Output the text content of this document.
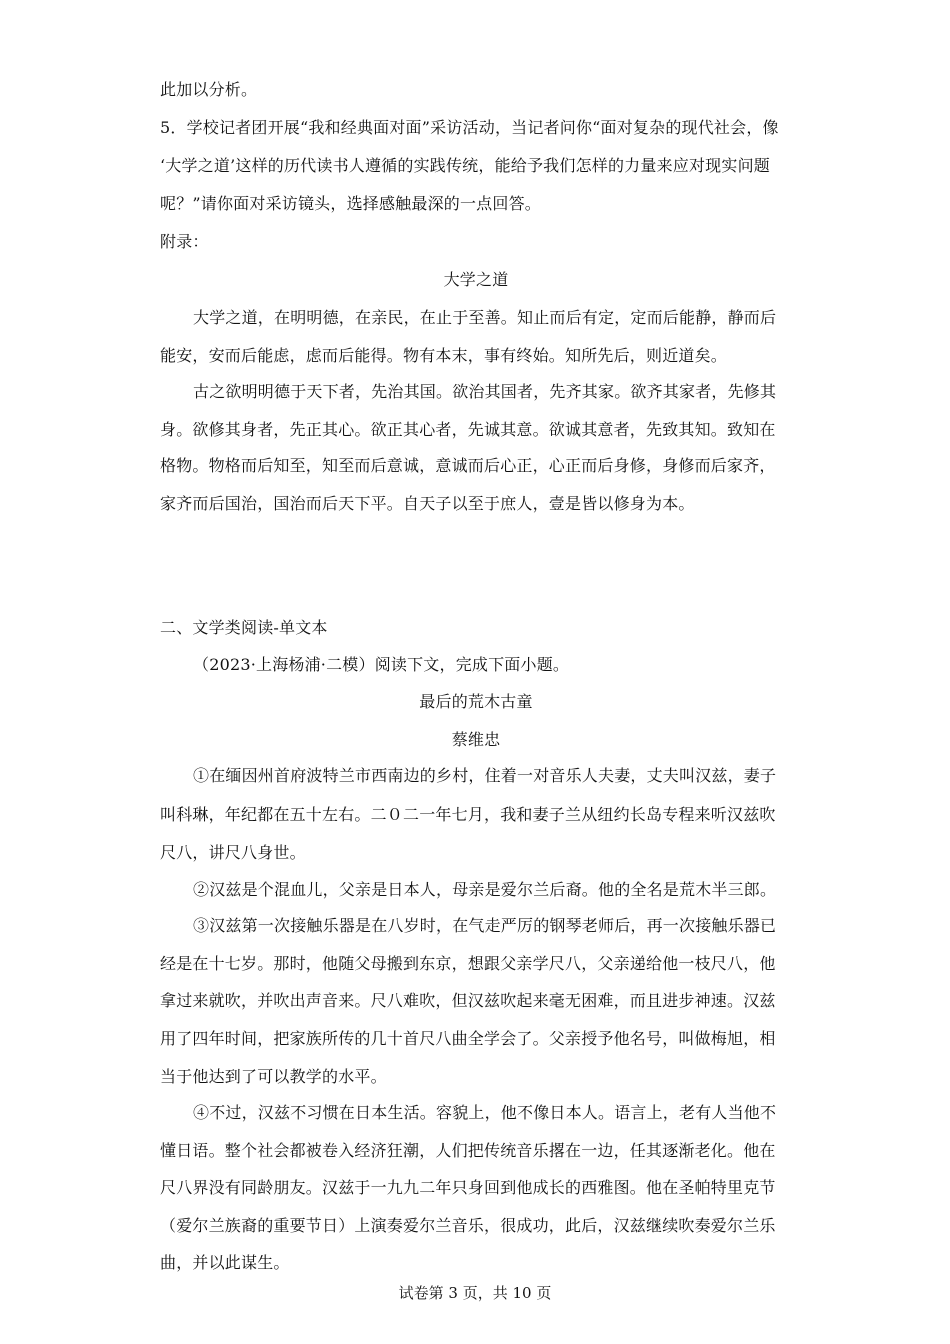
此加以分析。
5．学校记者团开展“我和经典面对面”采访活动，当记者问你“面对复杂的现代社会，像
‘大学之道’这样的历代读书人遵循的实践传统，能给予我们怎样的力量来应对现实问题
呢？”请你面对采访镜头，选择感触最深的一点回答。
附录：
大学之道
大学之道，在明明德，在亲民，在止于至善。知止而后有定，定而后能静，静而后
能安，安而后能虑，虑而后能得。物有本末，事有终始。知所先后，则近道矣。
古之欲明明德于天下者，先治其国。欲治其国者，先齐其家。欲齐其家者，先修其
身。欲修其身者，先正其心。欲正其心者，先诚其意。欲诚其意者，先致其知。致知在
格物。物格而后知至，知至而后意诚，意诚而后心正，心正而后身修，身修而后家齐，
家齐而后国治，国治而后天下平。自天子以至于庶人，壹是皆以修身为本。
二、文学类阅读-单文本
（2023·上海杨浦·二模）阅读下文，完成下面小题。
最后的荒木古童
蔡维忠
①在缅因州首府波特兰市西南边的乡村，住着一对音乐人夫妻，丈夫叫汉兹，妻子
叫科琳，年纪都在五十左右。二０二一年七月，我和妻子兰从纽约长岛专程来听汉兹吹
尺八，讲尺八身世。
②汉兹是个混血儿，父亲是日本人，母亲是爱尔兰后裔。他的全名是荒木半三郎。
③汉兹第一次接触乐器是在八岁时，在气走严厉的钢琴老师后，再一次接触乐器已
经是在十七岁。那时，他随父母搬到东京，想跟父亲学尺八，父亲递给他一枝尺八，他
拿过来就吹，并吹出声音来。尺八难吹，但汉兹吹起来毫无困难，而且进步神速。汉兹
用了四年时间，把家族所传的几十首尺八曲全学会了。父亲授予他名号，叫做梅旭，相
当于他达到了可以教学的水平。
④不过，汉兹不习惯在日本生活。容貌上，他不像日本人。语言上，老有人当他不
懂日语。整个社会都被卷入经济狂潮，人们把传统音乐撂在一边，任其逐渐老化。他在
尺八界没有同龄朋友。汉兹于一九九二年只身回到他成长的西雅图。他在圣帕特里克节
（爱尔兰族裔的重要节日）上演奏爱尔兰音乐，很成功，此后，汉兹继续吹奏爱尔兰乐
曲，并以此谋生。
试卷第 3 页，共 10 页
